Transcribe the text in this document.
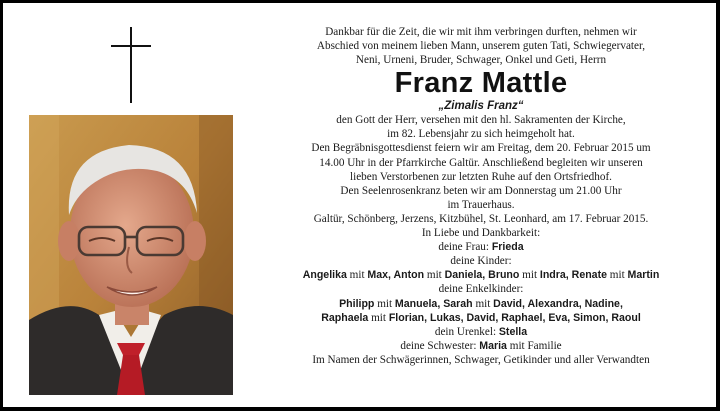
Dankbar für die Zeit, die wir mit ihm verbringen durften, nehmen wir

Abschied von meinem lieben Mann, unserem guten Tati, Schwiegervater,

Neni, Urneni, Bruder, Schwager, Onkel und Geti, Herrn

Franz Mattle

„Zimalis Franz“

den Gott der Herr, versehen mit den hl. Sakramenten der Kirche,

im 82. Lebensjahr zu sich heimgeholt hat.

Den Begräbnisgottesdienst feiern wir am Freitag, dem 20. Februar 2015 um

14.00 Uhr in der Pfarrkirche Galtür. Anschließend begleiten wir unseren

lieben Verstorbenen zur letzten Ruhe auf den Ortsfriedhof.

Den Seelenrosenkranz beten wir am Donnerstag um 21.00 Uhr

im Trauerhaus.

Galtür, Schönberg, Jerzens, Kitzbühel, St. Leonhard, am 17. Februar 2015.

In Liebe und Dankbarkeit:

deine Frau: Frieda

deine Kinder:

Angelika mit Max, Anton mit Daniela, Bruno mit Indra, Renate mit Martin

deine Enkelkinder:

Philipp mit Manuela, Sarah mit David, Alexandra, Nadine,

Raphaela mit Florian, Lukas, David, Raphael, Eva, Simon, Raoul

dein Urenkel: Stella

deine Schwester: Maria mit Familie

Im Namen der Schwägerinnen, Schwager, Getikinder und aller Verwandten
